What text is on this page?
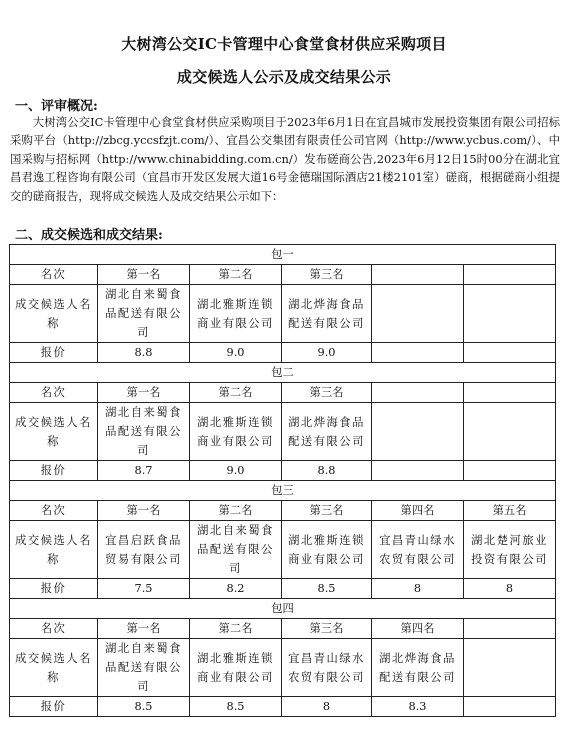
大树湾公交IC卡管理中心食堂食材供应采购项目
成交候选人公示及成交结果公示
一、评审概况:

大树湾公交IC卡管理中心食堂食材供应采购项目于2023年6月1日在宜昌城市发展投资集团有限公司招标采购平台（http://zbcg.yccsfzjt.com/）、宜昌公交集团有限责任公司官网（http://www.ycbus.com/）、中国采购与招标网（http://www.chinabidding.com.cn/）发布磋商公告,2023年6月12日15时00分在湖北宜昌君逸工程咨询有限公司（宜昌市开发区发展大道16号金德瑞国际酒店21楼2101室）磋商，根据磋商小组提交的磋商报告，现将成交候选人及成交结果公示如下：

二、成交候选和成交结果:
包一					
名次	第一名	第二名	第三名		
成交候选人名称	湖北自来蜀食品配送有限公司	湖北雅斯连锁商业有限公司	湖北烨海食品配送有限公司		
报价	8.8	9.0	9.0		
包二					
名次	第一名	第二名	第三名		
成交候选人名称	湖北自来蜀食品配送有限公司	湖北雅斯连锁商业有限公司	湖北烨海食品配送有限公司		
报价	8.7	9.0	8.8		
包三					
名次	第一名	第二名	第三名	第四名	第五名
成交候选人名称	宜昌启跃食品贸易有限公司	湖北自来蜀食品配送有限公司	湖北雅斯连锁商业有限公司	宜昌青山绿水农贸有限公司	湖北楚河旅业投资有限公司
报价	7.5	8.2	8.5	8	8
包四					
名次	第一名	第二名	第三名	第四名	
成交候选人名称	湖北自来蜀食品配送有限公司	湖北雅斯连锁商业有限公司	宜昌青山绿水农贸有限公司	湖北烨海食品配送有限公司	
报价	8.5	8.5	8	8.3	
